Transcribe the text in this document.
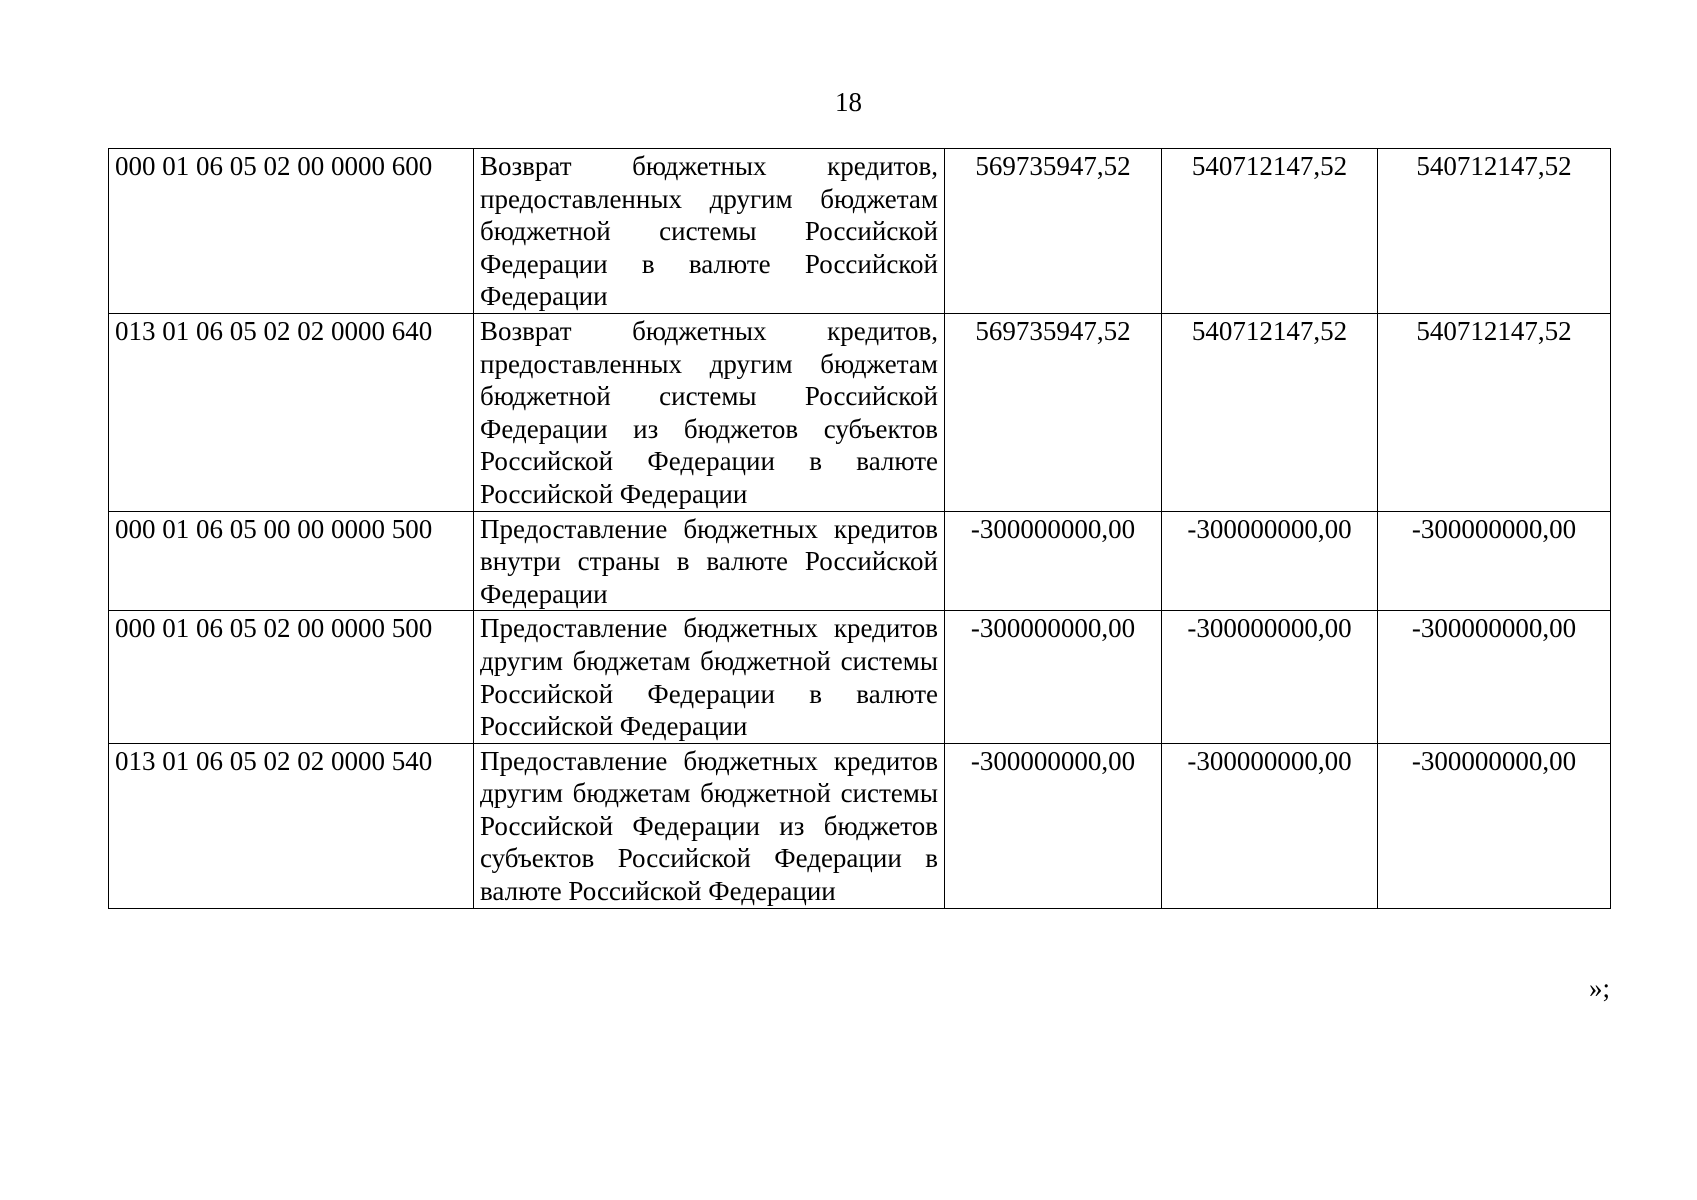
18
000 01 06 05 02 00 0000 600	Возврат бюджетных кредитов, предоставленных другим бюджетам бюджетной системы Российской Федерации в валюте Российской Федерации	569735947,52	540712147,52	540712147,52
013 01 06 05 02 02 0000 640	Возврат бюджетных кредитов, предоставленных другим бюджетам бюджетной системы Российской Федерации из бюджетов субъектов Российской Федерации в валюте Российской Федерации	569735947,52	540712147,52	540712147,52
000 01 06 05 00 00 0000 500	Предоставление бюджетных кредитов внутри страны в валюте Российской Федерации	-300000000,00	-300000000,00	-300000000,00
000 01 06 05 02 00 0000 500	Предоставление бюджетных кредитов другим бюджетам бюджетной системы Российской Федерации в валюте Российской Федерации	-300000000,00	-300000000,00	-300000000,00
013 01 06 05 02 02 0000 540	Предоставление бюджетных кредитов другим бюджетам бюджетной системы Российской Федерации из бюджетов субъектов Российской Федерации в валюте Российской Федерации	-300000000,00	-300000000,00	-300000000,00
»;
